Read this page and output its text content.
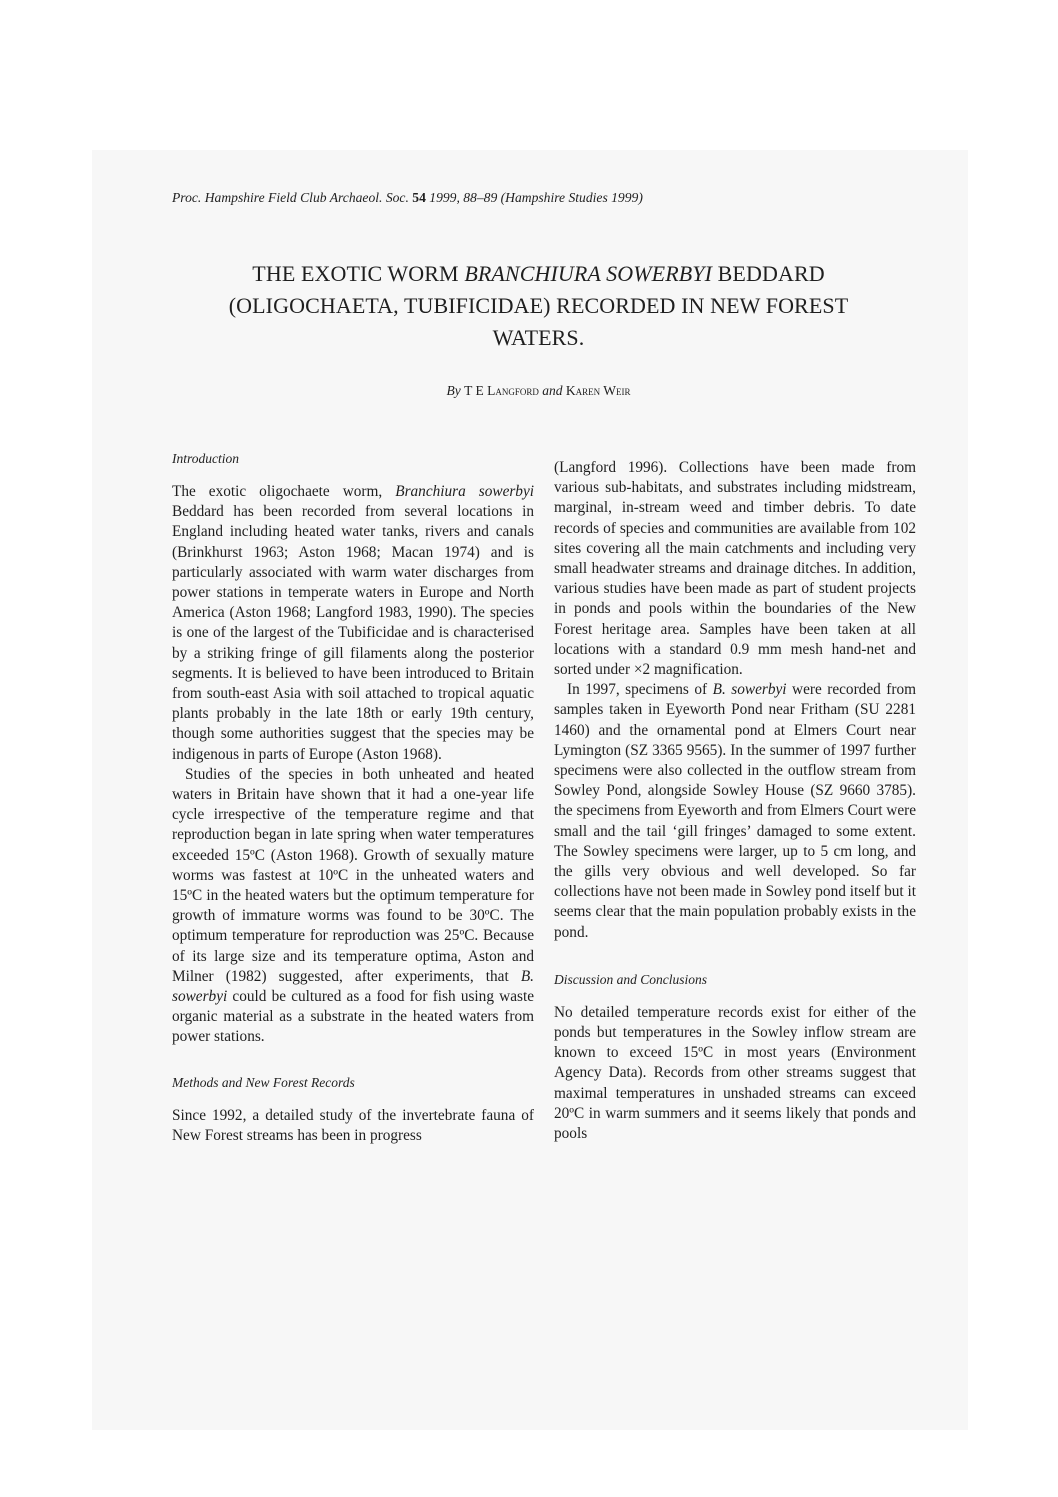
Proc. Hampshire Field Club Archaeol. Soc. 54 1999, 88–89 (Hampshire Studies 1999)
THE EXOTIC WORM BRANCHIURA SOWERBYI BEDDARD
(OLIGOCHAETA, TUBIFICIDAE) RECORDED IN NEW FOREST
WATERS.
By T E Langford and Karen Weir
Introduction

The exotic oligochaete worm, Branchiura sowerbyi Beddard has been recorded from several locations in England including heated water tanks, rivers and canals (Brinkhurst 1963; Aston 1968; Macan 1974) and is particularly associated with warm water discharges from power stations in temperate waters in Europe and North America (Aston 1968; Langford 1983, 1990). The species is one of the largest of the Tubificidae and is characterised by a striking fringe of gill filaments along the posterior segments. It is believed to have been introduced to Britain from south-east Asia with soil attached to tropical aquatic plants probably in the late 18th or early 19th century, though some authorities suggest that the species may be indigenous in parts of Europe (Aston 1968).

Studies of the species in both unheated and heated waters in Britain have shown that it had a one-year life cycle irrespective of the temperature regime and that reproduction began in late spring when water temperatures exceeded 15ºC (Aston 1968). Growth of sexually mature worms was fastest at 10ºC in the unheated waters and 15ºC in the heated waters but the optimum temperature for growth of immature worms was found to be 30ºC. The optimum temperature for reproduction was 25ºC. Because of its large size and its temperature optima, Aston and Milner (1982) suggested, after experiments, that B. sowerbyi could be cultured as a food for fish using waste organic material as a substrate in the heated waters from power stations.

Methods and New Forest Records

Since 1992, a detailed study of the invertebrate fauna of New Forest streams has been in progress

(Langford 1996). Collections have been made from various sub-habitats, and substrates including midstream, marginal, in-stream weed and timber debris. To date records of species and communities are available from 102 sites covering all the main catchments and including very small headwater streams and drainage ditches. In addition, various studies have been made as part of student projects in ponds and pools within the boundaries of the New Forest heritage area. Samples have been taken at all locations with a standard 0.9 mm mesh hand-net and sorted under ×2 magnification.

In 1997, specimens of B. sowerbyi were recorded from samples taken in Eyeworth Pond near Fritham (SU 2281 1460) and the ornamental pond at Elmers Court near Lymington (SZ 3365 9565). In the summer of 1997 further specimens were also collected in the outflow stream from Sowley Pond, alongside Sowley House (SZ 9660 3785). the specimens from Eyeworth and from Elmers Court were small and the tail ‘gill fringes’ damaged to some extent. The Sowley specimens were larger, up to 5 cm long, and the gills very obvious and well developed. So far collections have not been made in Sowley pond itself but it seems clear that the main population probably exists in the pond.

Discussion and Conclusions

No detailed temperature records exist for either of the ponds but temperatures in the Sowley inflow stream are known to exceed 15ºC in most years (Environment Agency Data). Records from other streams suggest that maximal temperatures in unshaded streams can exceed 20ºC in warm summers and it seems likely that ponds and pools
